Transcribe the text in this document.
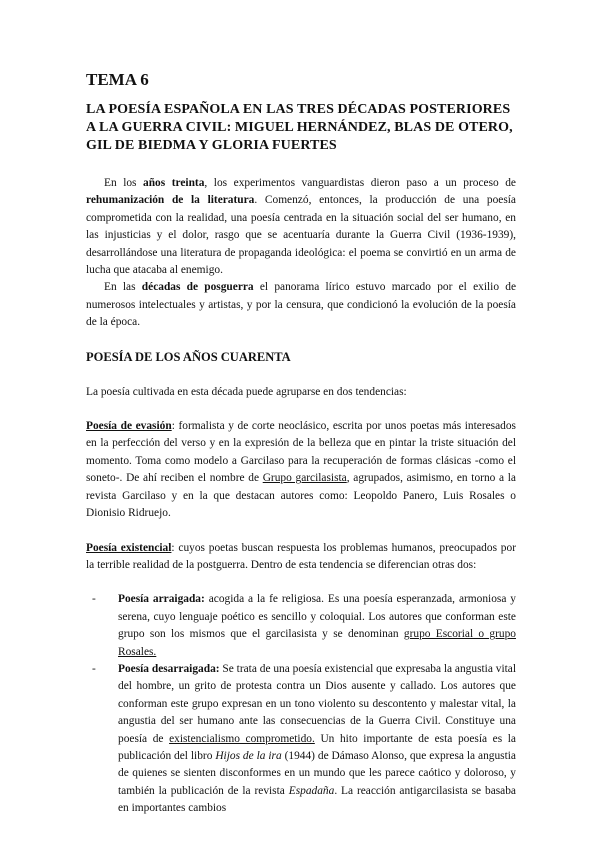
TEMA 6
LA POESÍA ESPAÑOLA EN LAS TRES DÉCADAS POSTERIORES A LA GUERRA CIVIL: MIGUEL HERNÁNDEZ, BLAS DE OTERO, GIL DE BIEDMA Y GLORIA FUERTES

En los años treinta, los experimentos vanguardistas dieron paso a un proceso de rehumanización de la literatura. Comenzó, entonces, la producción de una poesía comprometida con la realidad, una poesía centrada en la situación social del ser humano, en las injusticias y el dolor, rasgo que se acentuaría durante la Guerra Civil (1936-1939), desarrollándose una literatura de propaganda ideológica: el poema se convirtió en un arma de lucha que atacaba al enemigo.

En las décadas de posguerra el panorama lírico estuvo marcado por el exilio de numerosos intelectuales y artistas, y por la censura, que condicionó la evolución de la poesía de la época.

POESÍA DE LOS AÑOS CUARENTA

La poesía cultivada en esta década puede agruparse en dos tendencias:

Poesía de evasión: formalista y de corte neoclásico, escrita por unos poetas más interesados en la perfección del verso y en la expresión de la belleza que en pintar la triste situación del momento. Toma como modelo a Garcilaso para la recuperación de formas clásicas -como el soneto-. De ahí reciben el nombre de Grupo garcilasista, agrupados, asimismo, en torno a la revista Garcilaso y en la que destacan autores como: Leopoldo Panero, Luis Rosales o Dionisio Ridruejo.

Poesía existencial: cuyos poetas buscan respuesta los problemas humanos, preocupados por la terrible realidad de la postguerra. Dentro de esta tendencia se diferencian otras dos:

- Poesía arraigada: acogida a la fe religiosa. Es una poesía esperanzada, armoniosa y serena, cuyo lenguaje poético es sencillo y coloquial. Los autores que conforman este grupo son los mismos que el garcilasista y se denominan grupo Escorial o grupo Rosales.
- Poesía desarraigada: Se trata de una poesía existencial que expresaba la angustia vital del hombre, un grito de protesta contra un Dios ausente y callado. Los autores que conforman este grupo expresan en un tono violento su descontento y malestar vital, la angustia del ser humano ante las consecuencias de la Guerra Civil. Constituye una poesía de existencialismo comprometido. Un hito importante de esta poesía es la publicación del libro Hijos de la ira (1944) de Dámaso Alonso, que expresa la angustia de quienes se sienten disconformes en un mundo que les parece caótico y doloroso, y también la publicación de la revista Espadaña. La reacción antigarcilasista se basaba en importantes cambios
